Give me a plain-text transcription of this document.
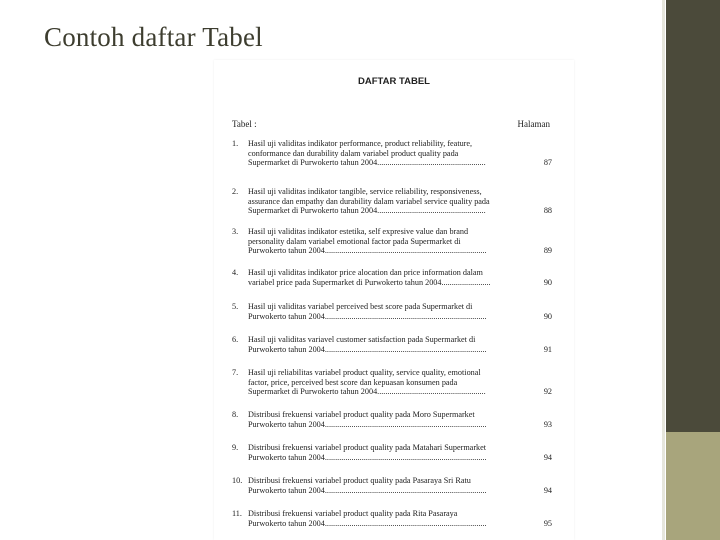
Contoh daftar Tabel
DAFTAR TABEL
Tabel :	Halaman
1. Hasil uji validitas indikator performance, product reliability, feature,
conformance dan durability dalam variabel product quality pada
Supermarket di Purwokerto tahun 2004.....................................................	87
2. Hasil uji validitas indikator tangible, service reliability, responsiveness,
assurance dan empathy dan durability dalam variabel service quality pada
Supermarket di Purwokerto tahun 2004.....................................................	88
3. Hasil uji validitas indikator estetika, self expresive value dan brand
personality dalam variabel emotional factor pada Supermarket di
Purwokerto tahun 2004...............................................................................	89
4. Hasil uji validitas indikator price alocation dan price information dalam
variabel price pada Supermarket di Purwokerto tahun 2004........................	90
5. Hasil uji validitas variabel perceived best score pada Supermarket di
Purwokerto tahun 2004...............................................................................	90
6. Hasil uji validitas variavel customer satisfaction pada Supermarket di
Purwokerto tahun 2004...............................................................................	91
7. Hasil uji reliabilitas variabel product quality, service quality, emotional
factor, price, perceived best score dan kepuasan konsumen pada
Supermarket di Purwokerto tahun 2004.....................................................	92
8. Distribusi frekuensi variabel product quality pada Moro Supermarket
Purwokerto tahun 2004...............................................................................	93
9. Distribusi frekuensi variabel product quality pada Matahari Supermarket
Purwokerto tahun 2004...............................................................................	94
10. Distribusi frekuensi variabel product quality pada Pasaraya Sri Ratu
Purwokerto tahun 2004...............................................................................	94
11. Distribusi frekuensi variabel product quality pada Rita Pasaraya
Purwokerto tahun 2004...............................................................................	95
